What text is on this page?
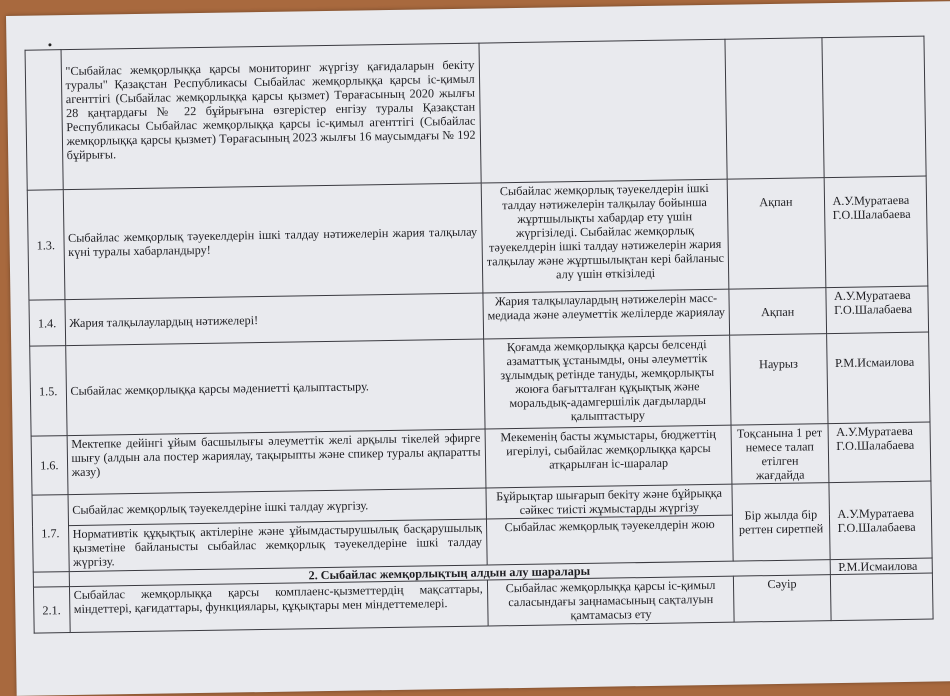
	"Сыбайлас жемқорлыққа қарсы мониторинг жүргізу қағидаларын бекіту туралы" Қазақстан Республикасы Сыбайлас жемқорлыққа қарсы іс-қимыл агенттігі (Сыбайлас жемқорлыққа қарсы қызмет) Төрағасының 2020 жылғы 28 қаңтардағы № 22 бұйрығына өзгерістер енгізу туралы Қазақстан Республикасы Сыбайлас жемқорлыққа қарсы іс-қимыл агенттігі (Сыбайлас жемқорлыққа қарсы қызмет) Төрағасының 2023 жылғы 16 маусымдағы № 192 бұйрығы.			
1.3.	Сыбайлас жемқорлық тәуекелдерін ішкі талдау нәтижелерін жария талқылау күні туралы хабарландыру!	Сыбайлас жемқорлық тәуекелдерін ішкі талдау нәтижелерін талқылау бойынша жұртшылықты хабардар ету үшін жүргізіледі. Сыбайлас жемқорлық тәуекелдерін ішкі талдау нәтижелерін жария талқылау және жұртшылықтан кері байланыс алу үшін өткізіледі	Ақпан	А.У.Муратаева
Г.О.Шалабаева

1.4.	Жария талқылаулардың нәтижелері!	Жария талқылаулардың нәтижелерін масс-медиада және әлеуметтік желілерде жариялау	Ақпан	А.У.Муратаева
Г.О.Шалабаева

1.5.	Сыбайлас жемқорлыққа қарсы мәдениетті қалыптастыру.	Қоғамда жемқорлыққа қарсы белсенді азаматтық ұстанымды, оны әлеуметтік зұлымдық ретінде тануды, жемқорлықты жоюға бағытталған құқықтық және моральдық-адамгершілік дағдыларды қалыптастыру	Наурыз	Р.М.Исмаилова

1.6.	Мектепке дейінгі ұйым басшылығы әлеуметтік желі арқылы тікелей эфирге шығу (алдын ала постер жариялау, тақырыпты және спикер туралы ақпаратты жазу)	Мекеменің басты жұмыстары, бюджеттің игерілуі, сыбайлас жемқорлыққа қарсы атқарылған іс-шаралар	Тоқсанына 1 рет немесе талап етілген жағдайда	А.У.Муратаева
Г.О.Шалабаева

1.7.	Сыбайлас жемқорлық тәуекелдеріне ішкі талдау жүргізу.	Бұйрықтар шығарып бекіту және бұйрыққа сәйкес тиісті жұмыстарды жүргізу	Бір жылда бір реттен сиретпей	А.У.Муратаева
Г.О.Шалабаева

	Нормативтік құқықтық актілеріне және ұйымдастырушылық басқарушылық қызметіне байланысты сыбайлас жемқорлық тәуекелдеріне ішкі талдау жүргізу.	Сыбайлас жемқорлық тәуекелдерін жою		
	2. Сыбайлас жемқорлықтың алдын алу шаралары			Р.М.Исмаилова
2.1.	Сыбайлас жемқорлыққа қарсы комплаенс-қызметтердің мақсаттары, міндеттері, қағидаттары, функциялары, құқықтары мен міндеттемелері.	Сыбайлас жемқорлыққа қарсы іс-қимыл саласындағы заңнамасының сақталуын қамтамасыз ету	Сәуір	
